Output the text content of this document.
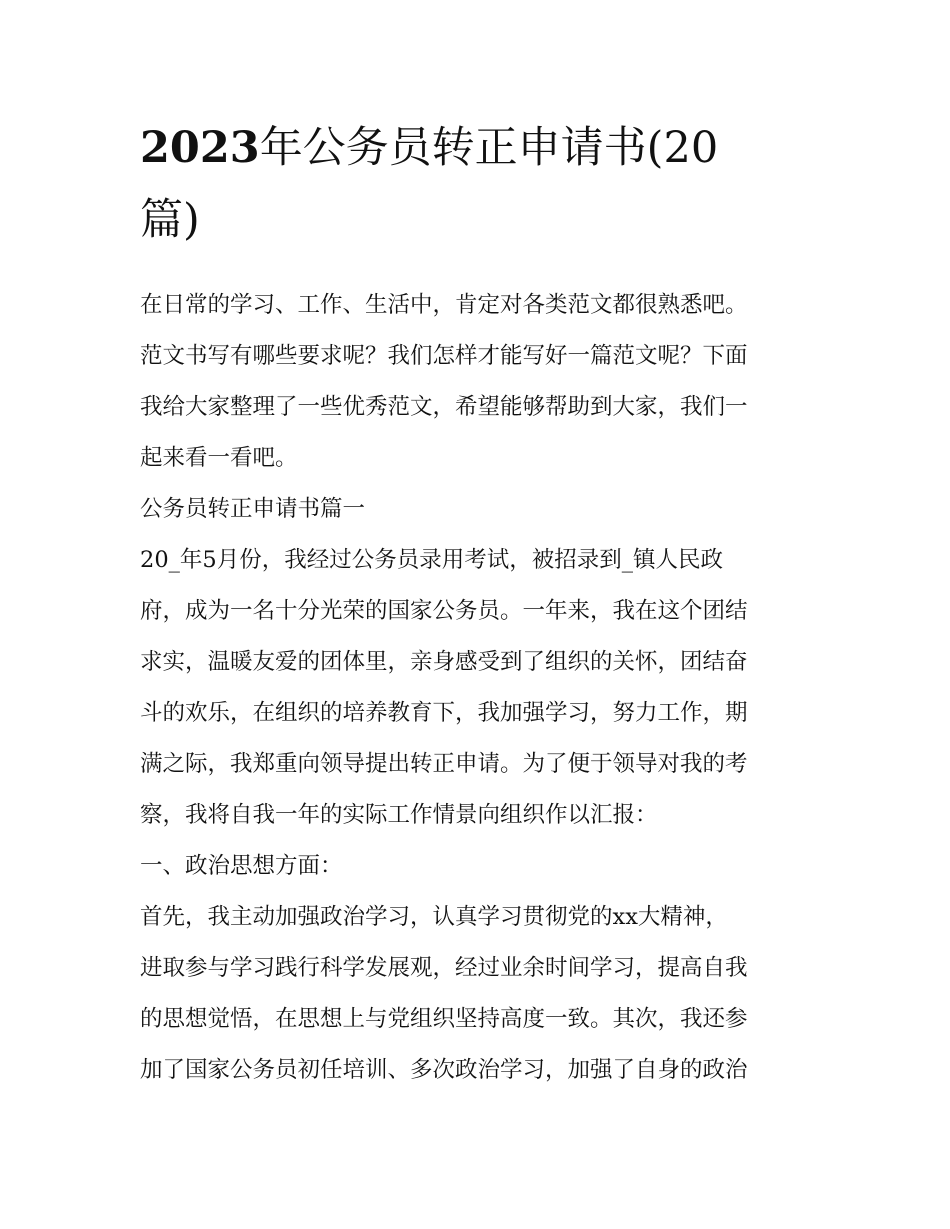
2023年公务员转正申请书(20
篇)

在日常的学习、工作、生活中，肯定对各类范文都很熟悉吧。

范文书写有哪些要求呢？我们怎样才能写好一篇范文呢？下面

我给大家整理了一些优秀范文，希望能够帮助到大家，我们一

起来看一看吧。

公务员转正申请书篇一

20_年5月份，我经过公务员录用考试，被招录到_镇人民政

府，成为一名十分光荣的国家公务员。一年来，我在这个团结

求实，温暖友爱的团体里，亲身感受到了组织的关怀，团结奋

斗的欢乐，在组织的培养教育下，我加强学习，努力工作，期

满之际，我郑重向领导提出转正申请。为了便于领导对我的考

察，我将自我一年的实际工作情景向组织作以汇报：

一、政治思想方面：

首先，我主动加强政治学习，认真学习贯彻党的xx大精神，

进取参与学习践行科学发展观，经过业余时间学习，提高自我

的思想觉悟，在思想上与党组织坚持高度一致。其次，我还参

加了国家公务员初任培训、多次政治学习，加强了自身的政治
